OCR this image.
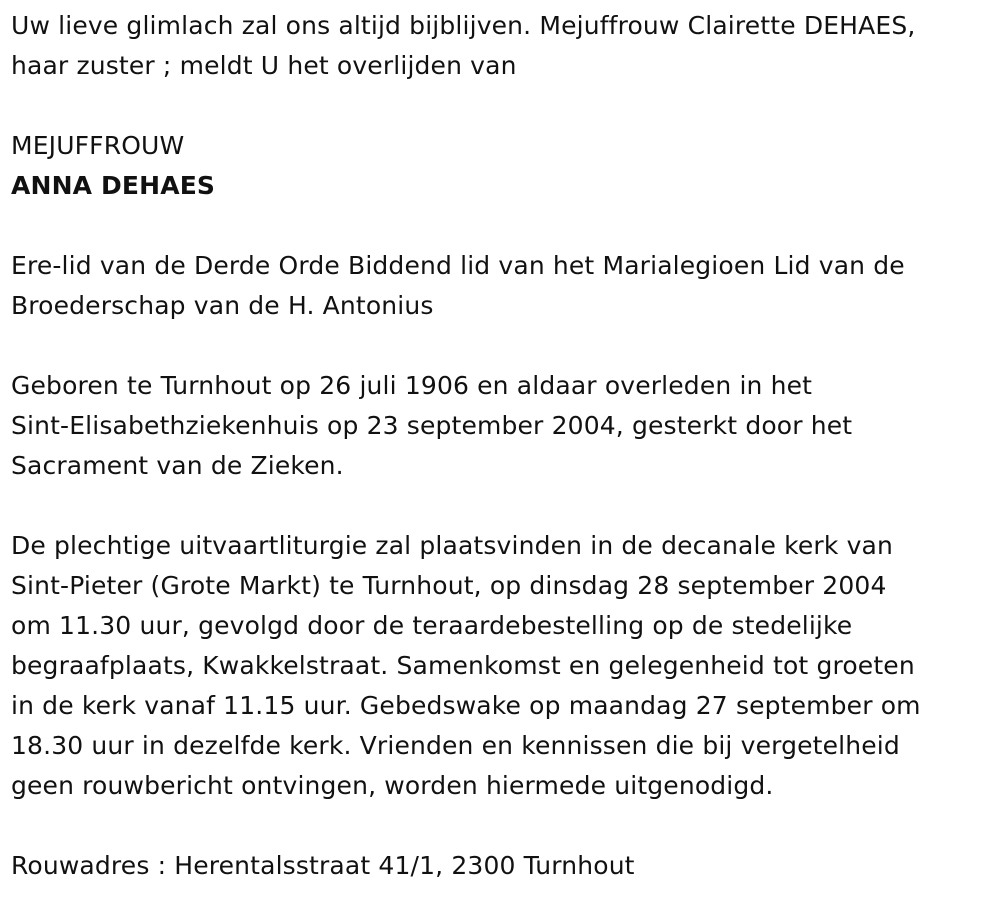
Uw lieve glimlach zal ons altijd bijblijven. Mejuffrouw Clairette DEHAES,
haar zuster ; meldt U het overlijden van
MEJUFFROUW
ANNA DEHAES
Ere-lid van de Derde Orde Biddend lid van het Marialegioen Lid van de
Broederschap van de H. Antonius
Geboren te Turnhout op 26 juli 1906 en aldaar overleden in het
Sint-Elisabethziekenhuis op 23 september 2004, gesterkt door het
Sacrament van de Zieken.
De plechtige uitvaartliturgie zal plaatsvinden in de decanale kerk van
Sint-Pieter (Grote Markt) te Turnhout, op dinsdag 28 september 2004
om 11.30 uur, gevolgd door de teraardebestelling op de stedelijke
begraafplaats, Kwakkelstraat. Samenkomst en gelegenheid tot groeten
in de kerk vanaf 11.15 uur. Gebedswake op maandag 27 september om
18.30 uur in dezelfde kerk. Vrienden en kennissen die bij vergetelheid
geen rouwbericht ontvingen, worden hiermede uitgenodigd.
Rouwadres : Herentalsstraat 41/1, 2300 Turnhout
